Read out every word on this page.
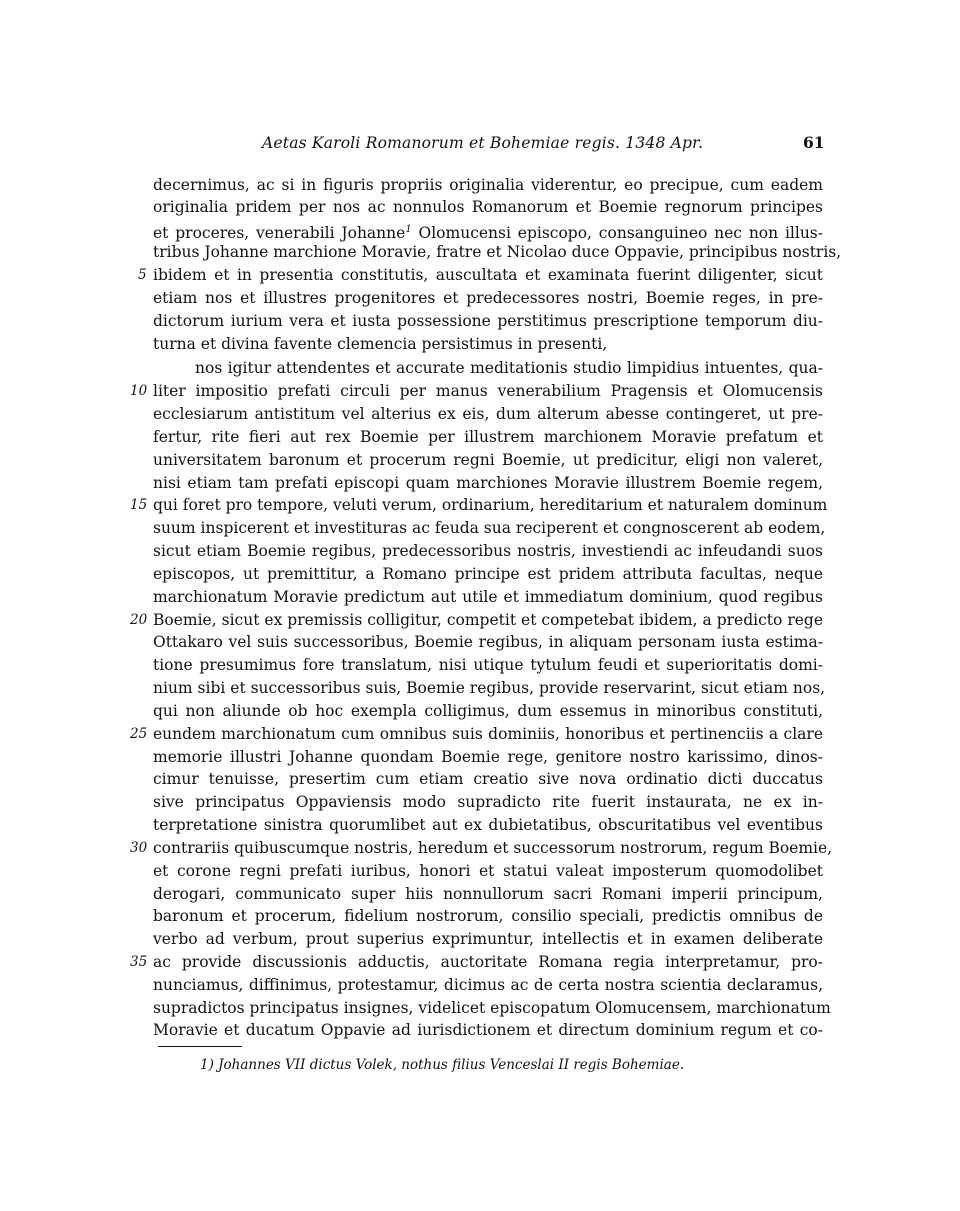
Aetas Karoli Romanorum et Bohemiae regis. 1348 Apr.	61
decernimus, ac si in figuris propriis originalia viderentur, eo precipue, cum eadem
originalia pridem per nos ac nonnulos Romanorum et Boemie regnorum principes
et proceres, venerabili Johanne$^1$ Olomucensi episcopo, consanguineo nec non illus-
tribus Johanne marchione Moravie, fratre et Nicolao duce Oppavie, principibus nostris,
ibidem et in presentia constitutis, auscultata et examinata fuerint diligenter, sicut
etiam nos et illustres progenitores et predecessores nostri, Boemie reges, in pre-
dictorum iurium vera et iusta possessione perstitimus prescriptione temporum diu-
turna et divina favente clemencia persistimus in presenti,
nos igitur attendentes et accurate meditationis studio limpidius intuentes, qua-
liter impositio prefati circuli per manus venerabilium Pragensis et Olomucensis
ecclesiarum antistitum vel alterius ex eis, dum alterum abesse contingeret, ut pre-
fertur, rite fieri aut rex Boemie per illustrem marchionem Moravie prefatum et
universitatem baronum et procerum regni Boemie, ut predicitur, eligi non valeret,
nisi etiam tam prefati episcopi quam marchiones Moravie illustrem Boemie regem,
qui foret pro tempore, veluti verum, ordinarium, hereditarium et naturalem dominum
suum inspicerent et investituras ac feuda sua reciperent et congnoscerent ab eodem,
sicut etiam Boemie regibus, predecessoribus nostris, investiendi ac infeudandi suos
episcopos, ut premittitur, a Romano principe est pridem attributa facultas, neque
marchionatum Moravie predictum aut utile et immediatum dominium, quod regibus
Boemie, sicut ex premissis colligitur, competit et competebat ibidem, a predicto rege
Ottakaro vel suis successoribus, Boemie regibus, in aliquam personam iusta estima-
tione presumimus fore translatum, nisi utique tytulum feudi et superioritatis domi-
nium sibi et successoribus suis, Boemie regibus, provide reservarint, sicut etiam nos,
qui non aliunde ob hoc exempla colligimus, dum essemus in minoribus constituti,
eundem marchionatum cum omnibus suis dominiis, honoribus et pertinenciis a clare
memorie illustri Johanne quondam Boemie rege, genitore nostro karissimo, dinos-
cimur tenuisse, presertim cum etiam creatio sive nova ordinatio dicti duccatus
sive principatus Oppaviensis modo supradicto rite fuerit instaurata, ne ex in-
terpretatione sinistra quorumlibet aut ex dubietatibus, obscuritatibus vel eventibus
contrariis quibuscumque nostris, heredum et successorum nostrorum, regum Boemie,
et corone regni prefati iuribus, honori et statui valeat imposterum quomodolibet
derogari, communicato super hiis nonnullorum sacri Romani imperii principum,
baronum et procerum, fidelium nostrorum, consilio speciali, predictis omnibus de
verbo ad verbum, prout superius exprimuntur, intellectis et in examen deliberate
ac provide discussionis adductis, auctoritate Romana regia interpretamur, pro-
nunciamus, diffinimus, protestamur, dicimus ac de certa nostra scientia declaramus,
supradictos principatus insignes, videlicet episcopatum Olomucensem, marchionatum
Moravie et ducatum Oppavie ad iurisdictionem et directum dominium regum et co-
5
10
15
20
25
30
35
1) Johannes VII dictus Volek, nothus filius Venceslai II regis Bohemiae.
